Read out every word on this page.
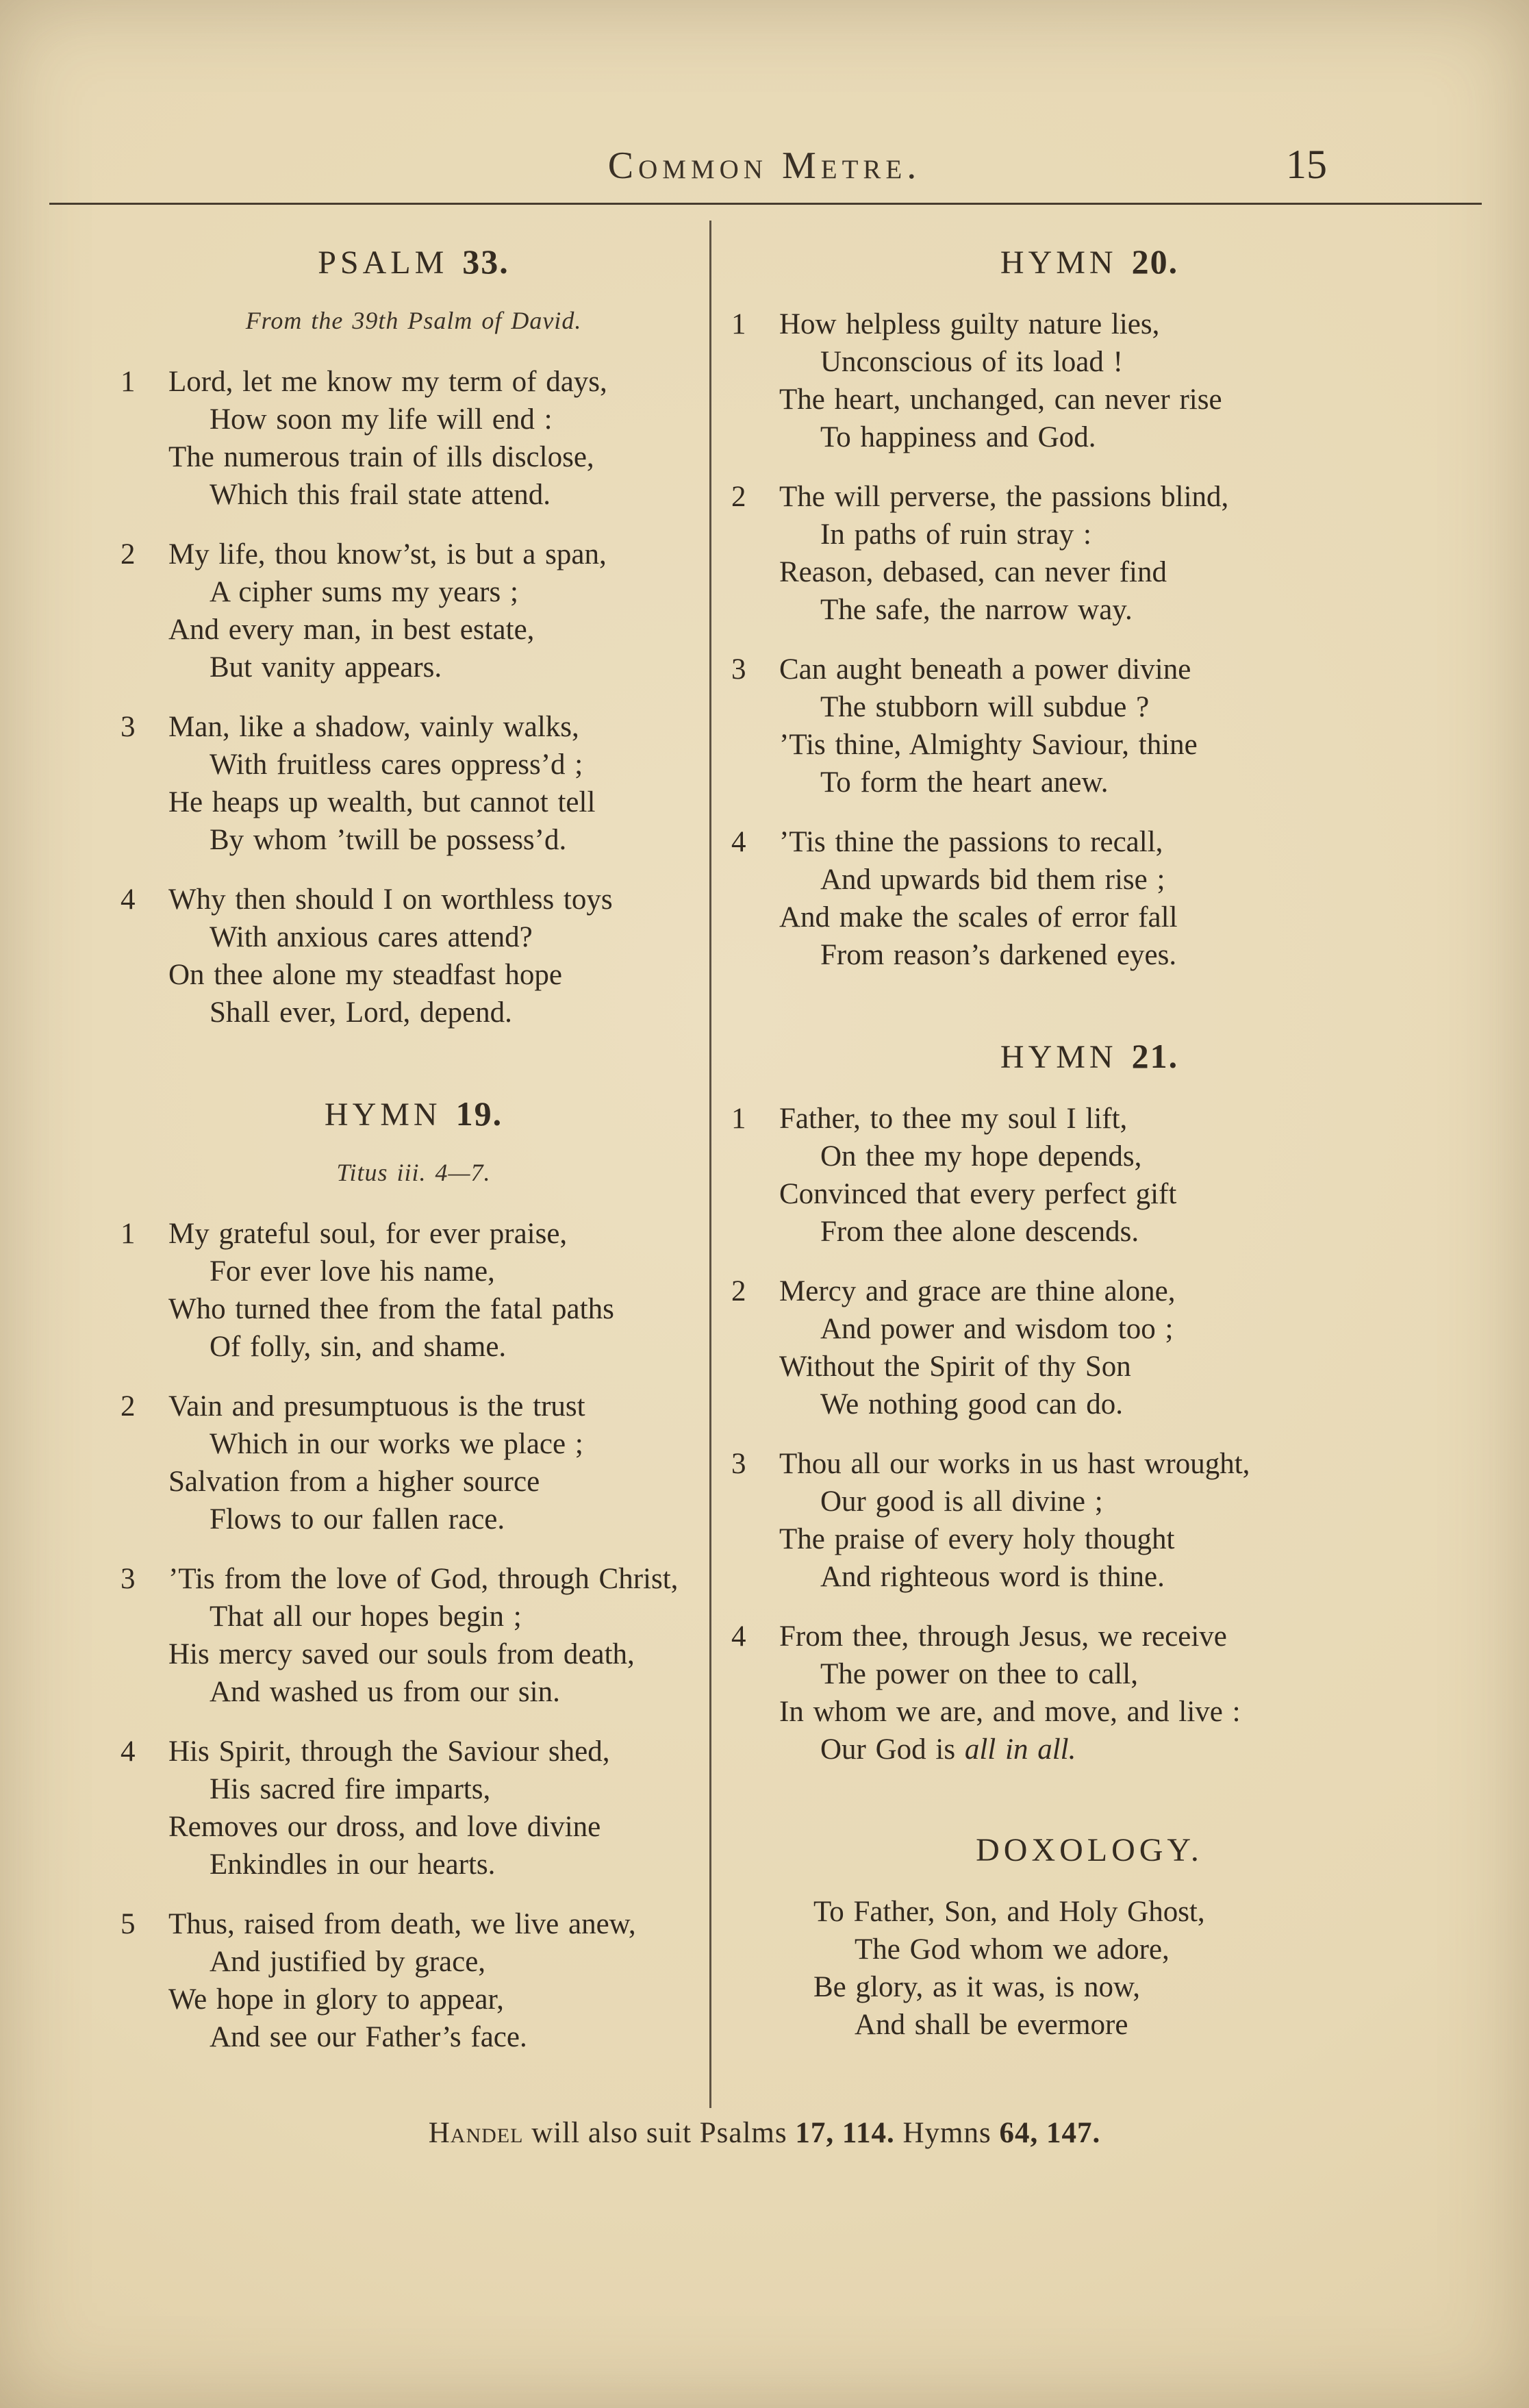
Common Metre.	15
PSALM 33.
From the 39th Psalm of David.
1 Lord, let me know my term of days,
How soon my life will end :
The numerous train of ills disclose,
Which this frail state attend.
2 My life, thou know’st, is but a span,
A cipher sums my years ;
And every man, in best estate,
But vanity appears.
3 Man, like a shadow, vainly walks,
With fruitless cares oppress’d ;
He heaps up wealth, but cannot tell
By whom ’twill be possess’d.
4 Why then should I on worthless toys
With anxious cares attend?
On thee alone my steadfast hope
Shall ever, Lord, depend.
HYMN 19.
Titus iii. 4—7.
1 My grateful soul, for ever praise,
For ever love his name,
Who turned thee from the fatal paths
Of folly, sin, and shame.
2 Vain and presumptuous is the trust
Which in our works we place ;
Salvation from a higher source
Flows to our fallen race.
3 ’Tis from the love of God, through Christ,
That all our hopes begin ;
His mercy saved our souls from death,
And washed us from our sin.
4 His Spirit, through the Saviour shed,
His sacred fire imparts,
Removes our dross, and love divine
Enkindles in our hearts.
5 Thus, raised from death, we live anew,
And justified by grace,
We hope in glory to appear,
And see our Father’s face.
HYMN 20.
1 How helpless guilty nature lies,
Unconscious of its load !
The heart, unchanged, can never rise
To happiness and God.
2 The will perverse, the passions blind,
In paths of ruin stray :
Reason, debased, can never find
The safe, the narrow way.
3 Can aught beneath a power divine
The stubborn will subdue ?
’Tis thine, Almighty Saviour, thine
To form the heart anew.
4 ’Tis thine the passions to recall,
And upwards bid them rise ;
And make the scales of error fall
From reason’s darkened eyes.
HYMN 21.
1 Father, to thee my soul I lift,
On thee my hope depends,
Convinced that every perfect gift
From thee alone descends.
2 Mercy and grace are thine alone,
And power and wisdom too ;
Without the Spirit of thy Son
We nothing good can do.
3 Thou all our works in us hast wrought,
Our good is all divine ;
The praise of every holy thought
And righteous word is thine.
4 From thee, through Jesus, we receive
The power on thee to call,
In whom we are, and move, and live :
Our God is all in all.
DOXOLOGY.
To Father, Son, and Holy Ghost,
The God whom we adore,
Be glory, as it was, is now,
And shall be evermore
Handel will also suit Psalms 17, 114. Hymns 64, 147.
